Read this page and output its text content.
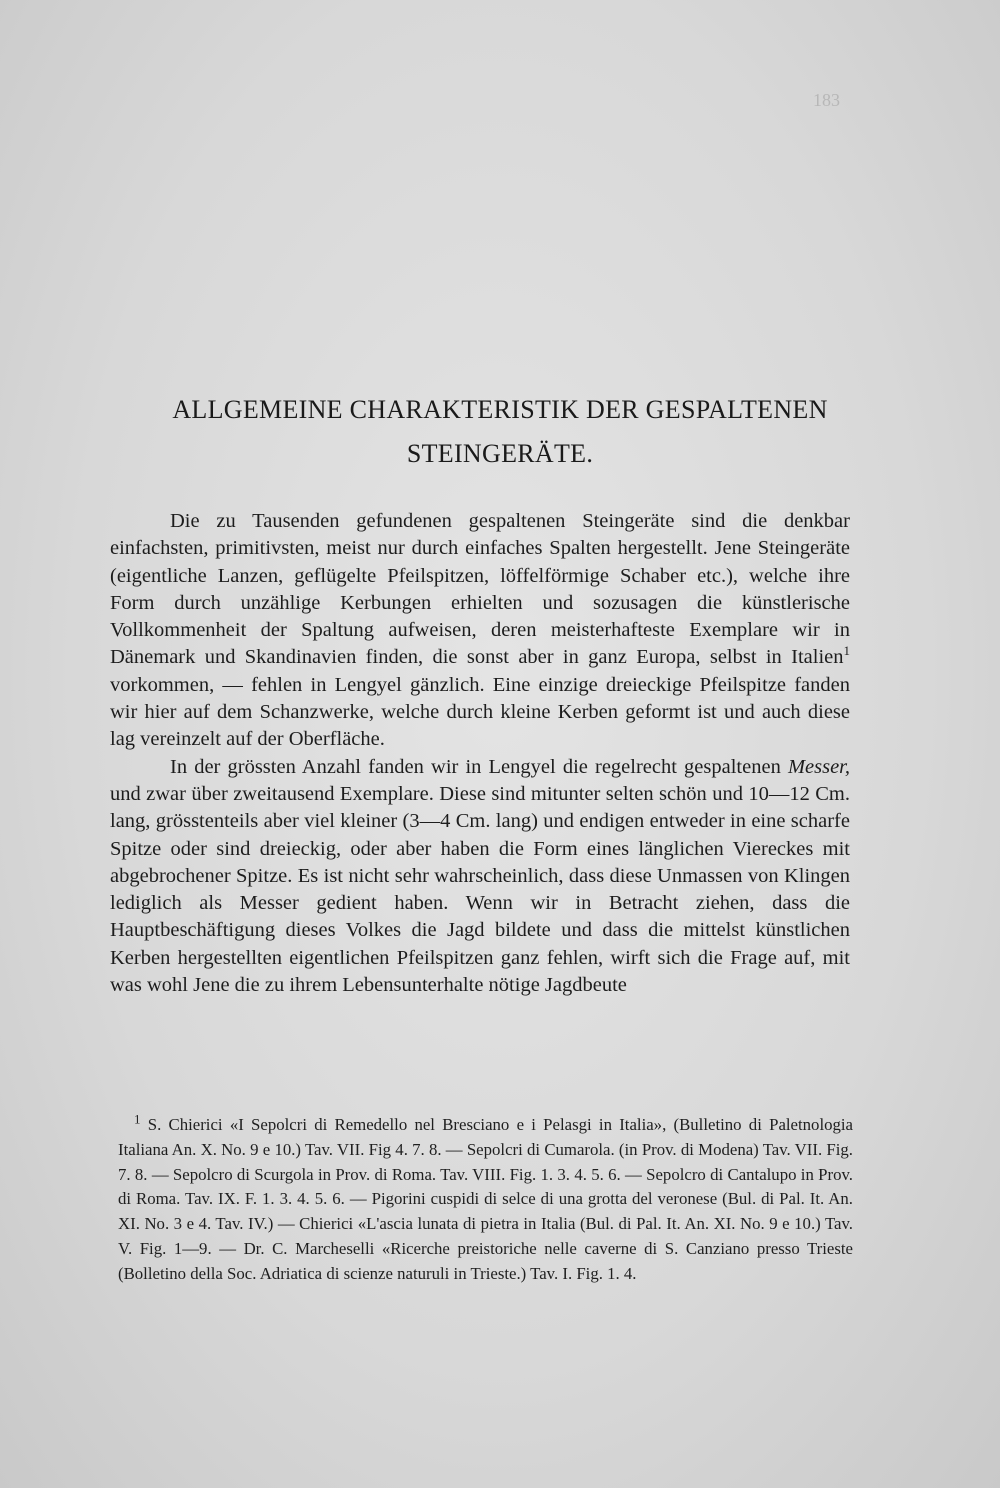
183
ALLGEMEINE CHARAKTERISTIK DER GESPALTENEN
STEINGERÄTE.

Die zu Tausenden gefundenen gespaltenen Steingeräte sind die denkbar einfachsten, primitivsten, meist nur durch einfaches Spalten hergestellt. Jene Steingeräte (eigentliche Lanzen, geflügelte Pfeilspitzen, löffelförmige Schaber etc.), welche ihre Form durch unzählige Kerbungen erhielten und sozusagen die künstlerische Vollkommenheit der Spaltung aufweisen, deren meisterhafteste Exemplare wir in Dänemark und Skandinavien finden, die sonst aber in ganz Europa, selbst in Italien$^1$ vorkommen, — fehlen in Lengyel gänzlich. Eine einzige dreieckige Pfeilspitze fanden wir hier auf dem Schanzwerke, welche durch kleine Kerben geformt ist und auch diese lag vereinzelt auf der Oberfläche.

In der grössten Anzahl fanden wir in Lengyel die regelrecht gespaltenen Messer, und zwar über zweitausend Exemplare. Diese sind mitunter selten schön und 10—12 Cm. lang, grösstenteils aber viel kleiner (3—4 Cm. lang) und endigen entweder in eine scharfe Spitze oder sind dreieckig, oder aber haben die Form eines länglichen Viereckes mit abgebrochener Spitze. Es ist nicht sehr wahrscheinlich, dass diese Unmassen von Klingen lediglich als Messer gedient haben. Wenn wir in Betracht ziehen, dass die Hauptbeschäftigung dieses Volkes die Jagd bildete und dass die mittelst künstlichen Kerben hergestellten eigentlichen Pfeilspitzen ganz fehlen, wirft sich die Frage auf, mit was wohl Jene die zu ihrem Lebensunterhalte nötige Jagdbeute

$^1$ S. Chierici «I Sepolcri di Remedello nel Bresciano e i Pelasgi in Italia», (Bulletino di Paletnologia Italiana An. X. No. 9 e 10.) Tav. VII. Fig 4. 7. 8. — Sepolcri di Cumarola. (in Prov. di Modena) Tav. VII. Fig. 7. 8. — Sepolcro di Scurgola in Prov. di Roma. Tav. VIII. Fig. 1. 3. 4. 5. 6. — Sepolcro di Cantalupo in Prov. di Roma. Tav. IX. F. 1. 3. 4. 5. 6. — Pigorini cuspidi di selce di una grotta del veronese (Bul. di Pal. It. An. XI. No. 3 e 4. Tav. IV.) — Chierici «L'ascia lunata di pietra in Italia (Bul. di Pal. It. An. XI. No. 9 e 10.) Tav. V. Fig. 1—9. — Dr. C. Marcheselli «Ricerche preistoriche nelle caverne di S. Canziano presso Trieste (Bolletino della Soc. Adriatica di scienze naturuli in Trieste.) Tav. I. Fig. 1. 4.
